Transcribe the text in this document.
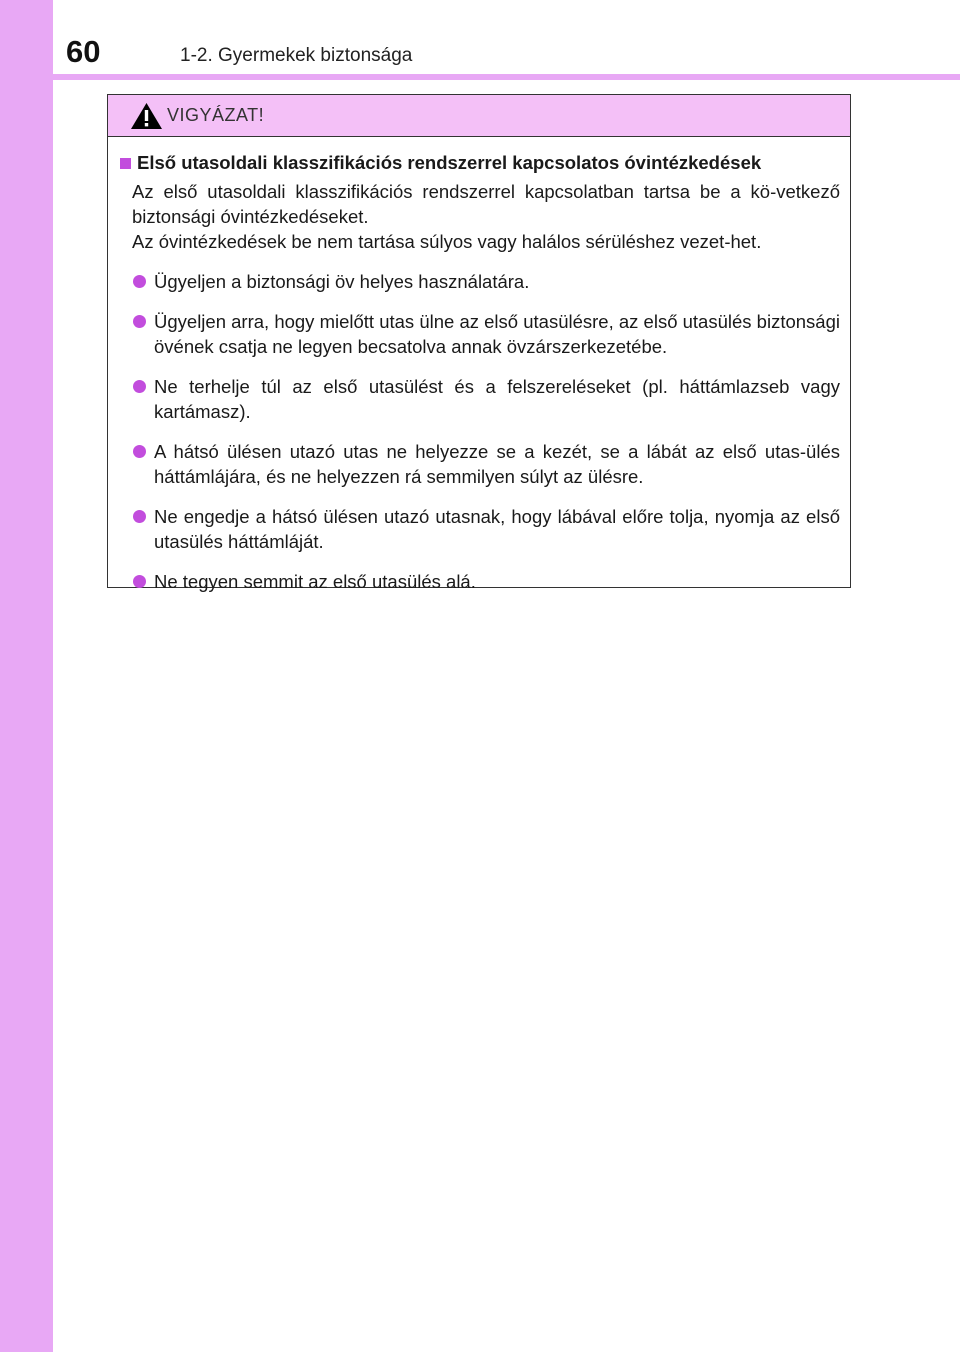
60	1-2. Gyermekek biztonsága
VIGYÁZAT!
Első utasoldali klasszifikációs rendszerrel kapcsolatos óvintézkedések
Az első utasoldali klasszifikációs rendszerrel kapcsolatban tartsa be a kö-vetkező biztonsági óvintézkedéseket.
Az óvintézkedések be nem tartása súlyos vagy halálos sérüléshez vezet-het.
Ügyeljen a biztonsági öv helyes használatára.
Ügyeljen arra, hogy mielőtt utas ülne az első utasülésre, az első utasülés biztonsági övének csatja ne legyen becsatolva annak övzárszerkezetébe.
Ne terhelje túl az első utasülést és a felszereléseket (pl. háttámlazseb vagy kartámasz).
A hátsó ülésen utazó utas ne helyezze se a kezét, se a lábát az első utas-ülés háttámlájára, és ne helyezzen rá semmilyen súlyt az ülésre.
Ne engedje a hátsó ülésen utazó utasnak, hogy lábával előre tolja, nyomja az első utasülés háttámláját.
Ne tegyen semmit az első utasülés alá.
